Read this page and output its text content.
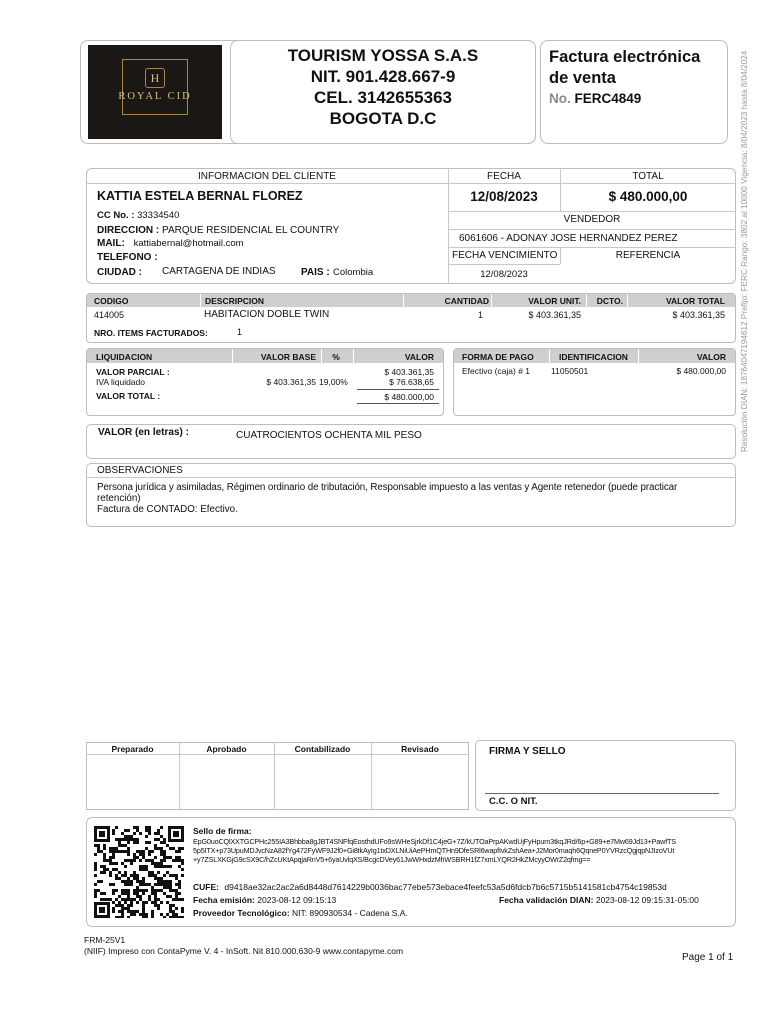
Resolución DIAN: 18764047194612 Prefijo: FERC Rango: 3802 al 10000 Vigencia: 8/04/2023 hasta 8/04/2024
H
ROYAL CID
TOURISM YOSSA S.A.S
NIT. 901.428.667-9
CEL. 3142655363
BOGOTA D.C
Factura electrónica
de venta
No. FERC4849
INFORMACION DEL CLIENTE	FECHA	TOTAL
KATTIA ESTELA BERNAL FLOREZ	12/08/2023	$ 480.000,00
CC No. : 33334540
DIRECCION : PARQUE RESIDENCIAL EL COUNTRY
MAIL: kattiabernal@hotmail.com
TELEFONO :
CIUDAD : CARTAGENA DE INDIAS	PAIS : Colombia
VENDEDOR
6061606 - ADONAY JOSE HERNANDEZ PEREZ
FECHA VENCIMIENTO	REFERENCIA
12/08/2023
CODIGO	DESCRIPCION	CANTIDAD	VALOR UNIT.	DCTO.	VALOR TOTAL
414005	HABITACION DOBLE TWIN	1	$ 403.361,35	$ 403.361,35
NRO. ITEMS FACTURADOS:	1
LIQUIDACION	VALOR BASE	%	VALOR
VALOR PARCIAL :	$ 403.361,35
IVA liquidado	$ 403.361,35 19,00%	$ 76.638,65
VALOR TOTAL :	$ 480.000,00
FORMA DE PAGO	IDENTIFICACION	VALOR
Efectivo (caja) # 1 11050501	$ 480.000,00
VALOR (en letras) :	CUATROCIENTOS OCHENTA MIL PESO
OBSERVACIONES
Persona jurídica y asimiladas, Régimen ordinario de tributación, Responsable impuesto a las ventas y Agente retenedor (puede practicar
retención)
Factura de CONTADO: Efectivo.
Preparado	Aprobado	Contabilizado	Revisado	FIRMA Y SELLO
C.C. O NIT.
Sello de firma:
EpG0uoCQlXXTGCPHc255IA3Bhbba8gJBT4SNFfqEosthdUFo9sWHeSjrkDf1C4jeG+7Z/kUTOaPrpAKwdUjFyHpurn3tkqJRd/6p+G89+e7Mw69Jd13+PawfTS
5p5ITX+p73UpuMDJvcNzA82fYg472FyWF9J2f0+Gi8tkAyIg1txDXLNiUiAePHmQTHn9DfeSRl6wapfIvkZshAea+J2Mor0maqh6QqneP0YVRzcQgjqpNJIzoVUt
+y7ZSLXKGjG9cSX9C/hZcUKtApqjaRnV5+6yaUvlqXS/BcgcDVey61JwWHxdzMhWSBRH1fZ7xmLYQR2HkZMcyyOWrZ2qfmg==
CUFE: d9418ae32ac2ac2a6d8448d7614229b0036bac77ebe573ebace4feefc53a5d6fdcb7b6c5715b5141581cb4754c19853d
Fecha emisión: 2023-08-12 09:15:13	Fecha validación DIAN: 2023-08-12 09:15:31-05:00
Proveedor Tecnológico: NIT: 890930534 - Cadena S.A.
FRM-25V1
(NIIF) Impreso con ContaPyme V. 4 - InSoft. Nit 810.000.630-9 www.contapyme.com
Page 1 of 1
